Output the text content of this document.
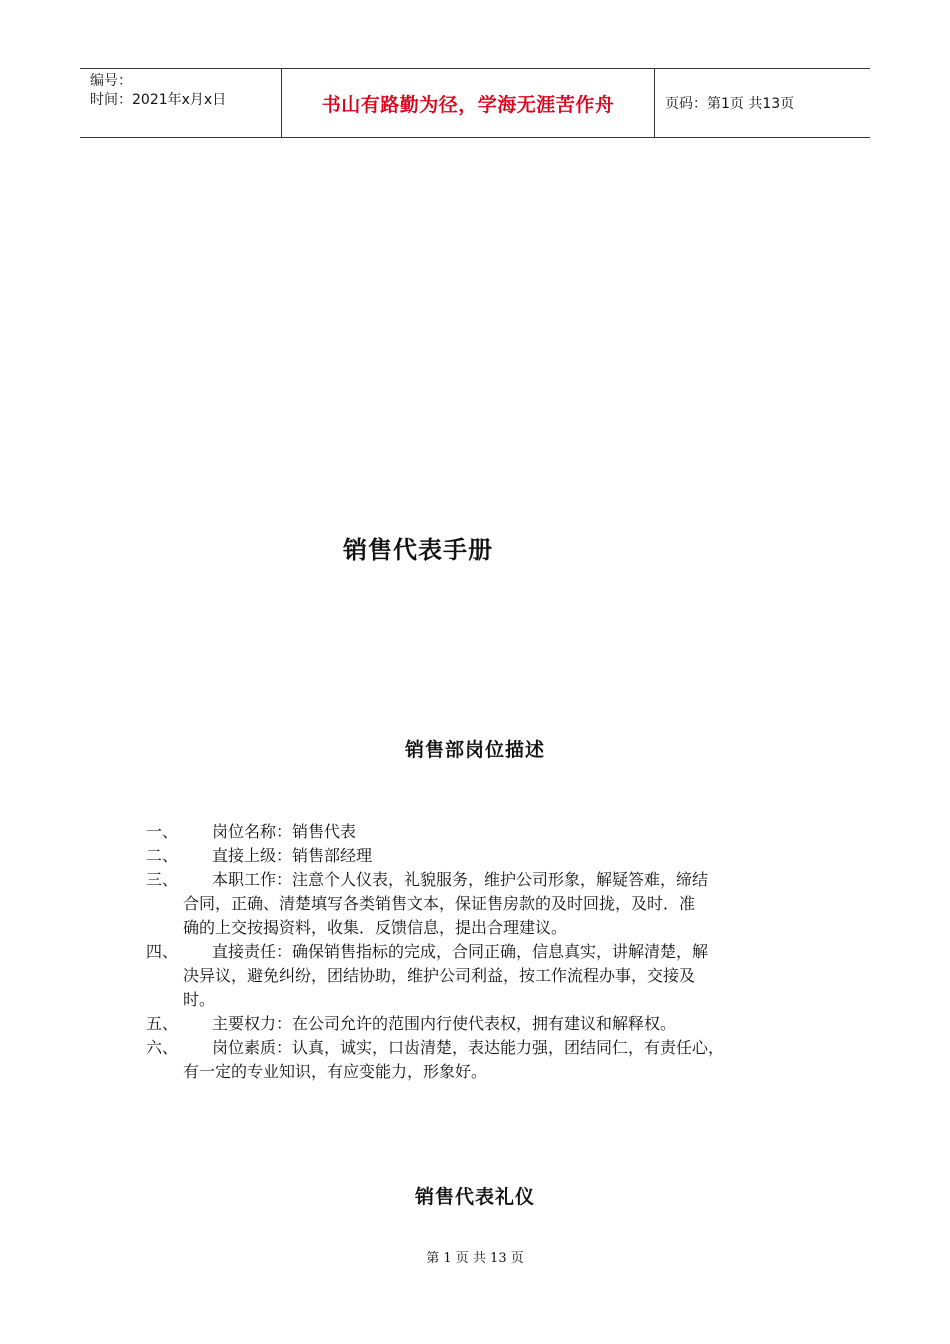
编号：
时间：2021年x月x日	书山有路勤为径，学海无涯苦作舟	页码：第1页 共13页
销售代表手册
销售部岗位描述
一、	岗位名称：销售代表
二、	直接上级：销售部经理
三、	本职工作：注意个人仪表，礼貌服务，维护公司形象，解疑答难，缔结
合同，正确、清楚填写各类销售文本，保证售房款的及时回拢，及时．准
确的上交按揭资料，收集．反馈信息，提出合理建议。
四、	直接责任：确保销售指标的完成，合同正确，信息真实，讲解清楚，解
决异议，避免纠纷，团结协助，维护公司利益，按工作流程办事，交接及
时。
五、	主要权力：在公司允许的范围内行使代表权，拥有建议和解释权。
六、	岗位素质：认真，诚实，口齿清楚，表达能力强，团结同仁，有责任心，
有一定的专业知识，有应变能力，形象好。
销售代表礼仪
第 1 页 共 13 页
